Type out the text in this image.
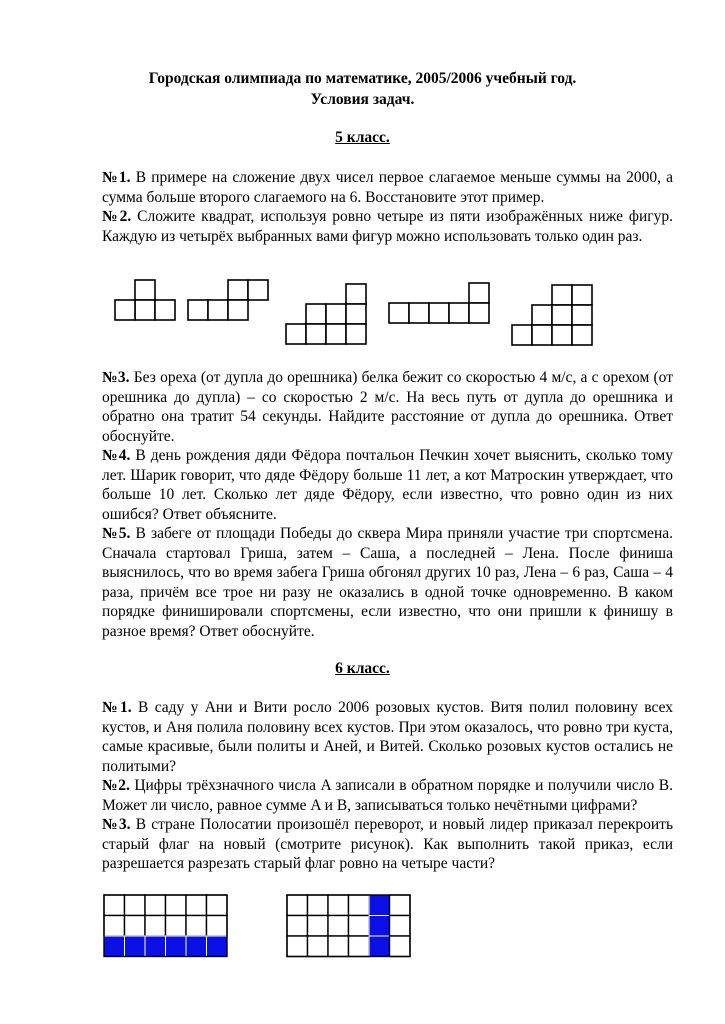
Городская олимпиада по математике, 2005/2006 учебный год.
Условия задач.
5 класс.

№1. В примере на сложение двух чисел первое слагаемое меньше суммы на 2000, а сумма больше второго слагаемого на 6. Восстановите этот пример.

№2. Сложите квадрат, используя ровно четыре из пяти изображённых ниже фигур. Каждую из четырёх выбранных вами фигур можно использовать только один раз.

№3. Без ореха (от дупла до орешника) белка бежит со скоростью 4 м/с, а с орехом (от орешника до дупла) – со скоростью 2 м/с. На весь путь от дупла до орешника и обратно она тратит 54 секунды. Найдите расстояние от дупла до орешника. Ответ обоснуйте.

№4. В день рождения дяди Фёдора почтальон Печкин хочет выяснить, сколько тому лет. Шарик говорит, что дяде Фёдору больше 11 лет, а кот Матроскин утверждает, что больше 10 лет. Сколько лет дяде Фёдору, если известно, что ровно один из них ошибся? Ответ объясните.

№5. В забеге от площади Победы до сквера Мира приняли участие три спортсмена. Сначала стартовал Гриша, затем – Саша, а последней – Лена. После финиша выяснилось, что во время забега Гриша обгонял других 10 раз, Лена – 6 раз, Саша – 4 раза, причём все трое ни разу не оказались в одной точке одновременно. В каком порядке финишировали спортсмены, если известно, что они пришли к финишу в разное время? Ответ обоснуйте.

6 класс.

№1. В саду у Ани и Вити росло 2006 розовых кустов. Витя полил половину всех кустов, и Аня полила половину всех кустов. При этом оказалось, что ровно три куста, самые красивые, были политы и Аней, и Витей. Сколько розовых кустов остались не политыми?

№2. Цифры трёхзначного числа A записали в обратном порядке и получили число B. Может ли число, равное сумме A и B, записываться только нечётными цифрами?

№3. В стране Полосатии произошёл переворот, и новый лидер приказал перекроить старый флаг на новый (смотрите рисунок). Как выполнить такой приказ, если разрешается разрезать старый флаг ровно на четыре части?
